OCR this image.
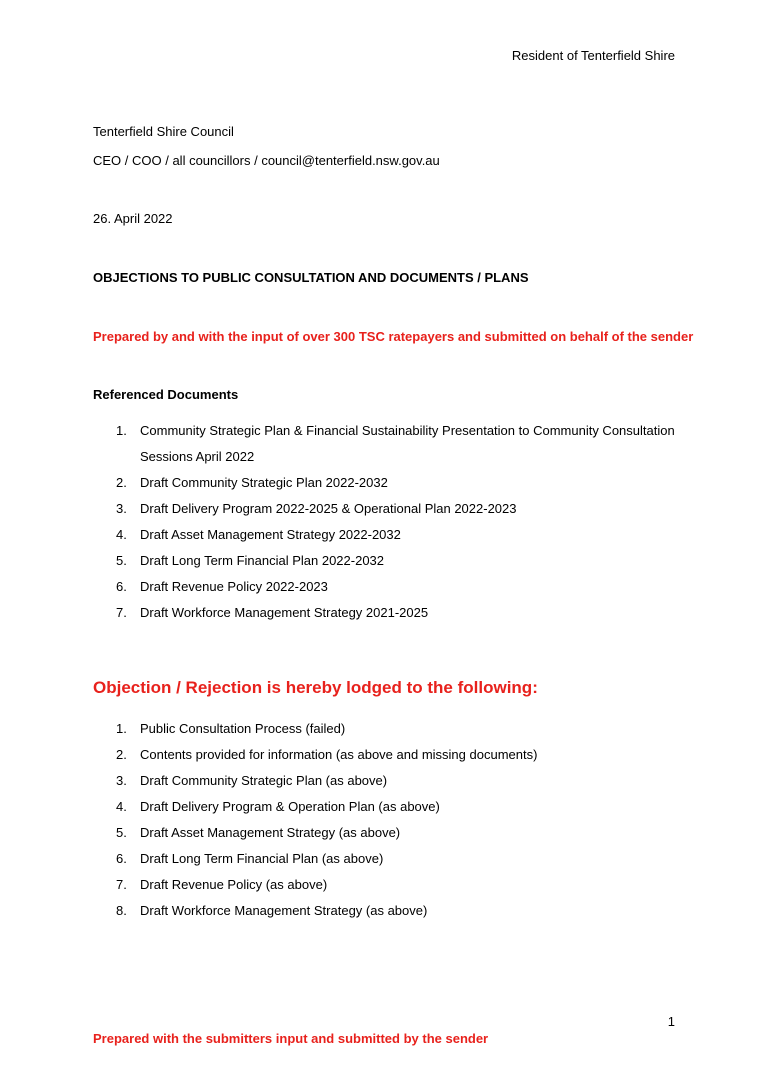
Resident of Tenterfield Shire
Tenterfield Shire Council
CEO / COO / all councillors / council@tenterfield.nsw.gov.au
26. April 2022
OBJECTIONS TO PUBLIC CONSULTATION AND DOCUMENTS / PLANS
Prepared by and with the input of over 300 TSC ratepayers and submitted on behalf of the sender
Referenced Documents
1. Community Strategic Plan & Financial Sustainability Presentation to Community Consultation
Sessions April 2022
2. Draft Community Strategic Plan 2022-2032
3. Draft Delivery Program 2022-2025 & Operational Plan 2022-2023
4. Draft Asset Management Strategy 2022-2032
5. Draft Long Term Financial Plan 2022-2032
6. Draft Revenue Policy 2022-2023
7. Draft Workforce Management Strategy 2021-2025
Objection / Rejection is hereby lodged to the following:
1. Public Consultation Process (failed)
2. Contents provided for information (as above and missing documents)
3. Draft Community Strategic Plan (as above)
4. Draft Delivery Program & Operation Plan (as above)
5. Draft Asset Management Strategy (as above)
6. Draft Long Term Financial Plan (as above)
7. Draft Revenue Policy (as above)
8. Draft Workforce Management Strategy (as above)
1
Prepared with the submitters input and submitted by the sender
